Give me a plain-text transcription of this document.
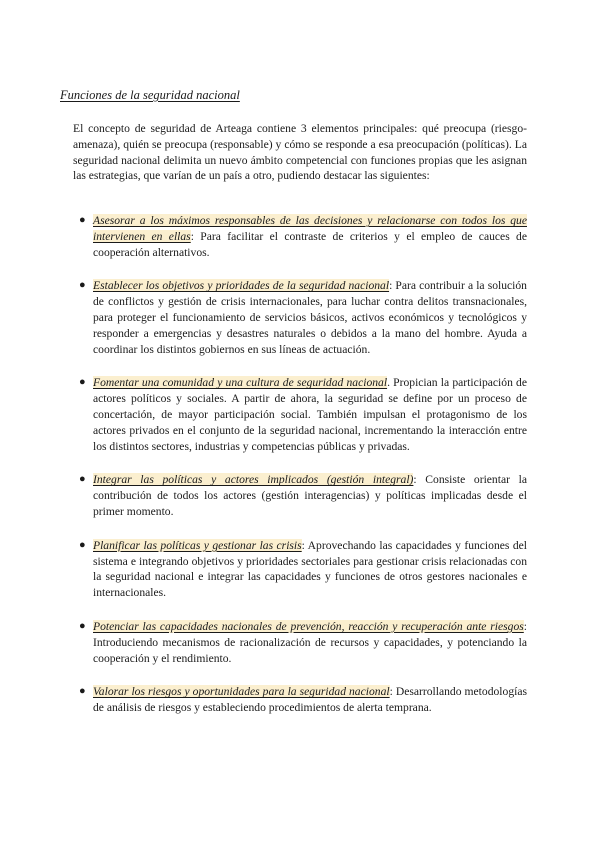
Funciones de la seguridad nacional

El concepto de seguridad de Arteaga contiene 3 elementos principales: qué preocupa (riesgo-amenaza), quién se preocupa (responsable) y cómo se responde a esa preocupación (políticas). La seguridad nacional delimita un nuevo ámbito competencial con funciones propias que les asignan las estrategias, que varían de un país a otro, pudiendo destacar las siguientes:

● Asesorar a los máximos responsables de las decisiones y relacionarse con todos los que intervienen en ellas: Para facilitar el contraste de criterios y el empleo de cauces de cooperación alternativos.
● Establecer los objetivos y prioridades de la seguridad nacional: Para contribuir a la solución de conflictos y gestión de crisis internacionales, para luchar contra delitos transnacionales, para proteger el funcionamiento de servicios básicos, activos económicos y tecnológicos y responder a emergencias y desastres naturales o debidos a la mano del hombre. Ayuda a coordinar los distintos gobiernos en sus líneas de actuación.
● Fomentar una comunidad y una cultura de seguridad nacional. Propician la participación de actores políticos y sociales. A partir de ahora, la seguridad se define por un proceso de concertación, de mayor participación social. También impulsan el protagonismo de los actores privados en el conjunto de la seguridad nacional, incrementando la interacción entre los distintos sectores, industrias y competencias públicas y privadas.
● Integrar las políticas y actores implicados (gestión integral): Consiste orientar la contribución de todos los actores (gestión interagencias) y políticas implicadas desde el primer momento.
● Planificar las políticas y gestionar las crisis: Aprovechando las capacidades y funciones del sistema e integrando objetivos y prioridades sectoriales para gestionar crisis relacionadas con la seguridad nacional e integrar las capacidades y funciones de otros gestores nacionales e internacionales.
● Potenciar las capacidades nacionales de prevención, reacción y recuperación ante riesgos: Introduciendo mecanismos de racionalización de recursos y capacidades, y potenciando la cooperación y el rendimiento.
● Valorar los riesgos y oportunidades para la seguridad nacional: Desarrollando metodologías de análisis de riesgos y estableciendo procedimientos de alerta temprana.
